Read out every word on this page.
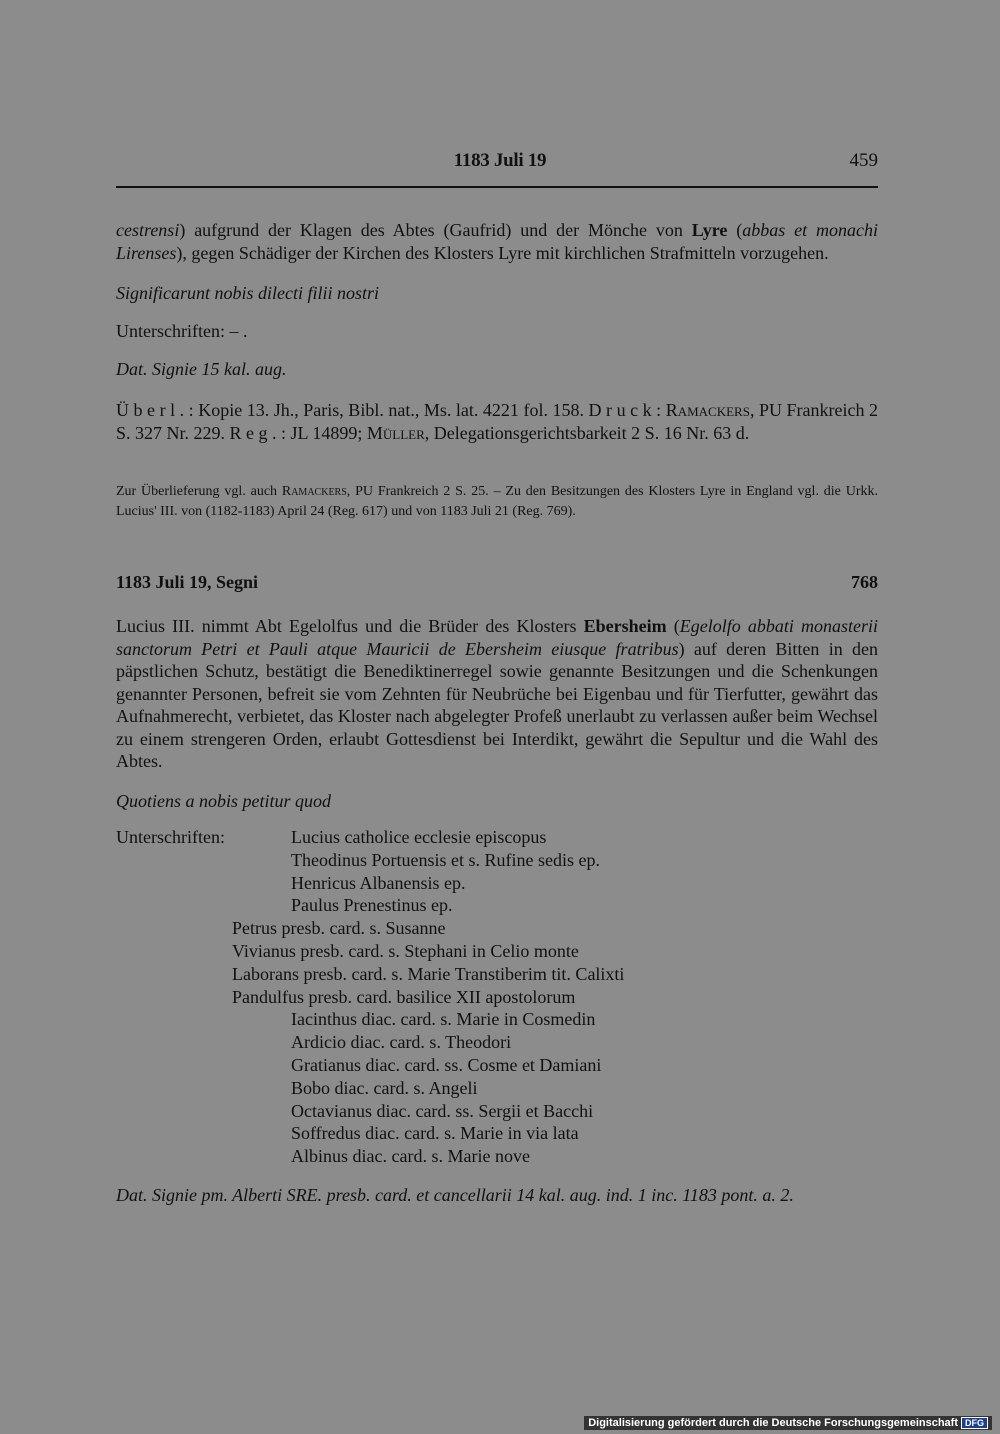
1183 Juli 19	459

cestrensi) aufgrund der Klagen des Abtes (Gaufrid) und der Mönche von Lyre (abbas et monachi Lirenses), gegen Schädiger der Kirchen des Klosters Lyre mit kirchlichen Strafmitteln vorzugehen.

Significarunt nobis dilecti filii nostri

Unterschriften: – .

Dat. Signie 15 kal. aug.

Ü b e r l . : Kopie 13. Jh., Paris, Bibl. nat., Ms. lat. 4221 fol. 158. D r u c k : Ramackers, PU Frankreich 2 S. 327 Nr. 229. R e g . : JL 14899; Müller, Delegationsgerichtsbarkeit 2 S. 16 Nr. 63 d.

Zur Überlieferung vgl. auch Ramackers, PU Frankreich 2 S. 25. – Zu den Besitzungen des Klosters Lyre in England vgl. die Urkk. Lucius' III. von (1182-1183) April 24 (Reg. 617) und von 1183 Juli 21 (Reg. 769).

1183 Juli 19, Segni	768

Lucius III. nimmt Abt Egelolfus und die Brüder des Klosters Ebersheim (Egelolfo abbati monasterii sanctorum Petri et Pauli atque Mauricii de Ebersheim eiusque fratribus) auf deren Bitten in den päpstlichen Schutz, bestätigt die Benediktinerregel sowie genannte Besitzungen und die Schenkungen genannter Personen, befreit sie vom Zehnten für Neubrüche bei Eigenbau und für Tierfutter, gewährt das Aufnahmerecht, verbietet, das Kloster nach abgelegter Profeß unerlaubt zu verlassen außer beim Wechsel zu einem strengeren Orden, erlaubt Gottesdienst bei Interdikt, gewährt die Sepultur und die Wahl des Abtes.

Quotiens a nobis petitur quod

Unterschriften:	Lucius catholice ecclesie episcopus
Theodinus Portuensis et s. Rufine sedis ep.
Henricus Albanensis ep.
Paulus Prenestinus ep.
Petrus presb. card. s. Susanne
Vivianus presb. card. s. Stephani in Celio monte
Laborans presb. card. s. Marie Transtiberim tit. Calixti
Pandulfus presb. card. basilice XII apostolorum
Iacinthus diac. card. s. Marie in Cosmedin
Ardicio diac. card. s. Theodori
Gratianus diac. card. ss. Cosme et Damiani
Bobo diac. card. s. Angeli
Octavianus diac. card. ss. Sergii et Bacchi
Soffredus diac. card. s. Marie in via lata
Albinus diac. card. s. Marie nove

Dat. Signie pm. Alberti SRE. presb. card. et cancellarii 14 kal. aug. ind. 1 inc. 1183 pont. a. 2.

Digitalisierung gefördert durch die Deutsche Forschungsgemeinschaft DFG
